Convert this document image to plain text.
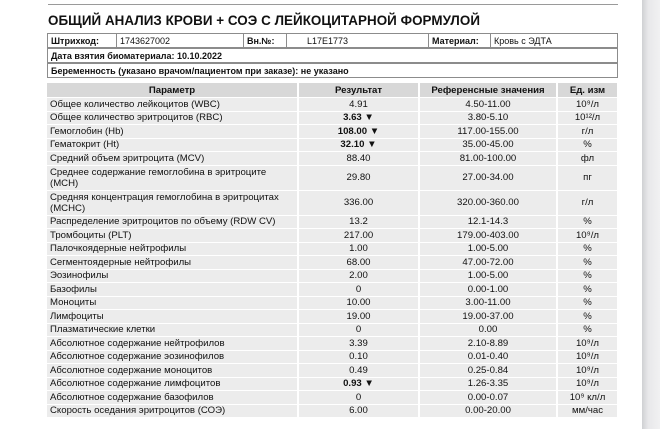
ОБЩИЙ АНАЛИЗ КРОВИ + СОЭ С ЛЕЙКОЦИТАРНОЙ ФОРМУЛОЙ
Штрихкод:	1743627002	Вн.№:	L17E1773	Материал:	Кровь с ЭДТА
Дата взятия биоматериала: 10.10.2022
Беременность (указано врачом/пациентом при заказе): не указано
Параметр	Результат	Референсные значения	Ед. изм
Общее количество лейкоцитов (WBC)	4.91	4.50-11.00	10⁹/л
Общее количество эритроцитов (RBC)	3.63 ▼	3.80-5.10	10¹²/л
Гемоглобин (Hb)	108.00 ▼	117.00-155.00	г/л
Гематокрит (Ht)	32.10 ▼	35.00-45.00	%
Средний объем эритроцита (MCV)	88.40	81.00-100.00	фл
Среднее содержание гемоглобина в эритроците (MCH)	29.80	27.00-34.00	пг
Средняя концентрация гемоглобина в эритроцитах (MCHC)	336.00	320.00-360.00	г/л
Распределение эритроцитов по объему (RDW CV)	13.2	12.1-14.3	%
Тромбоциты (PLT)	217.00	179.00-403.00	10⁹/л
Палочкоядерные нейтрофилы	1.00	1.00-5.00	%
Сегментоядерные нейтрофилы	68.00	47.00-72.00	%
Эозинофилы	2.00	1.00-5.00	%
Базофилы	0	0.00-1.00	%
Моноциты	10.00	3.00-11.00	%
Лимфоциты	19.00	19.00-37.00	%
Плазматические клетки	0	0.00	%
Абсолютное содержание нейтрофилов	3.39	2.10-8.89	10⁹/л
Абсолютное содержание эозинофилов	0.10	0.01-0.40	10⁹/л
Абсолютное содержание моноцитов	0.49	0.25-0.84	10⁹/л
Абсолютное содержание лимфоцитов	0.93 ▼	1.26-3.35	10⁹/л
Абсолютное содержание базофилов	0	0.00-0.07	10⁹ кл/л
Скорость оседания эритроцитов (СОЭ)	6.00	0.00-20.00	мм/час
